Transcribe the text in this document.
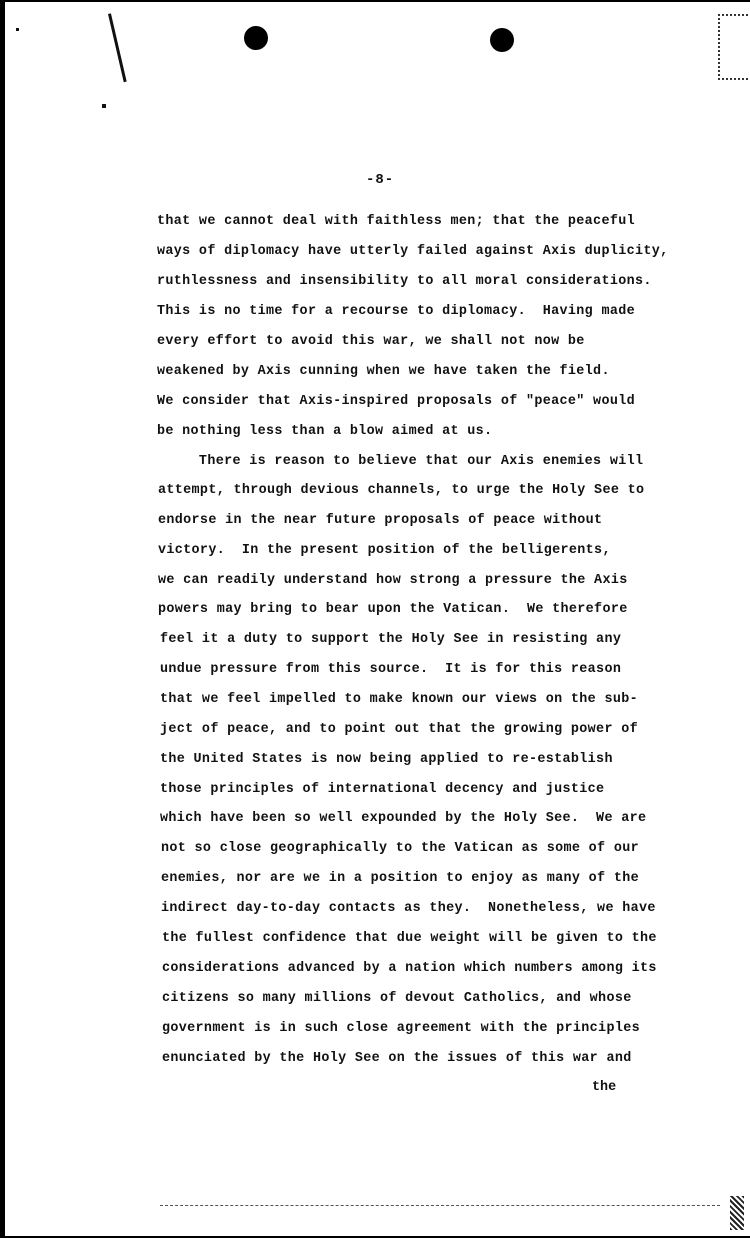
-8-
that we cannot deal with faithless men; that the peaceful
ways of diplomacy have utterly failed against Axis duplicity,
ruthlessness and insensibility to all moral considerations.
This is no time for a recourse to diplomacy.  Having made
every effort to avoid this war, we shall not now be
weakened by Axis cunning when we have taken the field.
We consider that Axis-inspired proposals of "peace" would
be nothing less than a blow aimed at us.
There is reason to believe that our Axis enemies will
attempt, through devious channels, to urge the Holy See to
endorse in the near future proposals of peace without
victory.  In the present position of the belligerents,
we can readily understand how strong a pressure the Axis
powers may bring to bear upon the Vatican.  We therefore
feel it a duty to support the Holy See in resisting any
undue pressure from this source.  It is for this reason
that we feel impelled to make known our views on the sub-
ject of peace, and to point out that the growing power of
the United States is now being applied to re-establish
those principles of international decency and justice
which have been so well expounded by the Holy See.  We are
not so close geographically to the Vatican as some of our
enemies, nor are we in a position to enjoy as many of the
indirect day-to-day contacts as they.  Nonetheless, we have
the fullest confidence that due weight will be given to the
considerations advanced by a nation which numbers among its
citizens so many millions of devout Catholics, and whose
government is in such close agreement with the principles
enunciated by the Holy See on the issues of this war and
the
